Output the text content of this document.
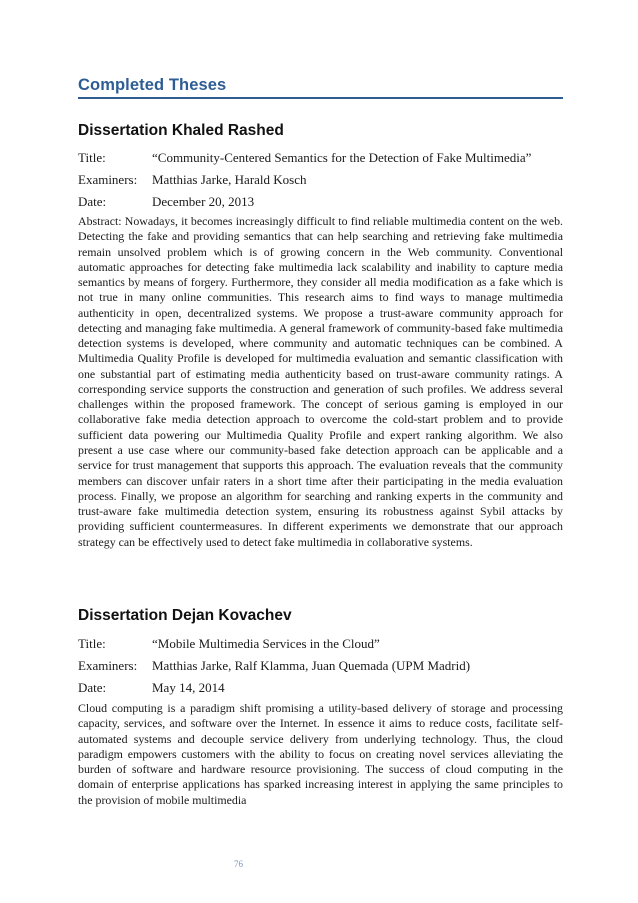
Completed Theses
Dissertation Khaled Rashed
Title:	“Community-Centered Semantics for the Detection of Fake Multimedia”
Examiners: Matthias Jarke, Harald Kosch
Date:	December 20, 2013

Abstract: Nowadays, it becomes increasingly difficult to find reliable multimedia content on the web. Detecting the fake and providing semantics that can help searching and retrieving fake multimedia remain unsolved problem which is of growing concern in the Web community. Conventional automatic approaches for detecting fake multimedia lack scalability and inability to capture media semantics by means of forgery. Furthermore, they consider all media modification as a fake which is not true in many online communities. This research aims to find ways to manage multimedia authenticity in open, decentralized systems. We propose a trust-aware community approach for detecting and managing fake multimedia. A general framework of community-based fake multimedia detection systems is developed, where community and automatic techniques can be combined. A Multimedia Quality Profile is developed for multimedia evaluation and semantic classification with one substantial part of estimating media authenticity based on trust-aware community ratings. A corresponding service supports the construction and generation of such profiles. We address several challenges within the proposed framework. The concept of serious gaming is employed in our collaborative fake media detection approach to overcome the cold-start problem and to provide sufficient data powering our Multimedia Quality Profile and expert ranking algorithm. We also present a use case where our community-based fake detection approach can be applicable and a service for trust management that supports this approach. The evaluation reveals that the community members can discover unfair raters in a short time after their participating in the media evaluation process. Finally, we propose an algorithm for searching and ranking experts in the community and trust-aware fake multimedia detection system, ensuring its robustness against Sybil attacks by providing sufficient countermeasures. In different experiments we demonstrate that our approach strategy can be effectively used to detect fake multimedia in collaborative systems.

Dissertation Dejan Kovachev
Title:	“Mobile Multimedia Services in the Cloud”
Examiners: Matthias Jarke, Ralf Klamma, Juan Quemada (UPM Madrid)
Date:	May 14, 2014

Cloud computing is a paradigm shift promising a utility-based delivery of storage and processing capacity, services, and software over the Internet. In essence it aims to reduce costs, facilitate self-automated systems and decouple service delivery from underlying technology. Thus, the cloud paradigm empowers customers with the ability to focus on creating novel services alleviating the burden of software and hardware resource provisioning. The success of cloud computing in the domain of enterprise applications has sparked increasing interest in applying the same principles to the provision of mobile multimedia

76
